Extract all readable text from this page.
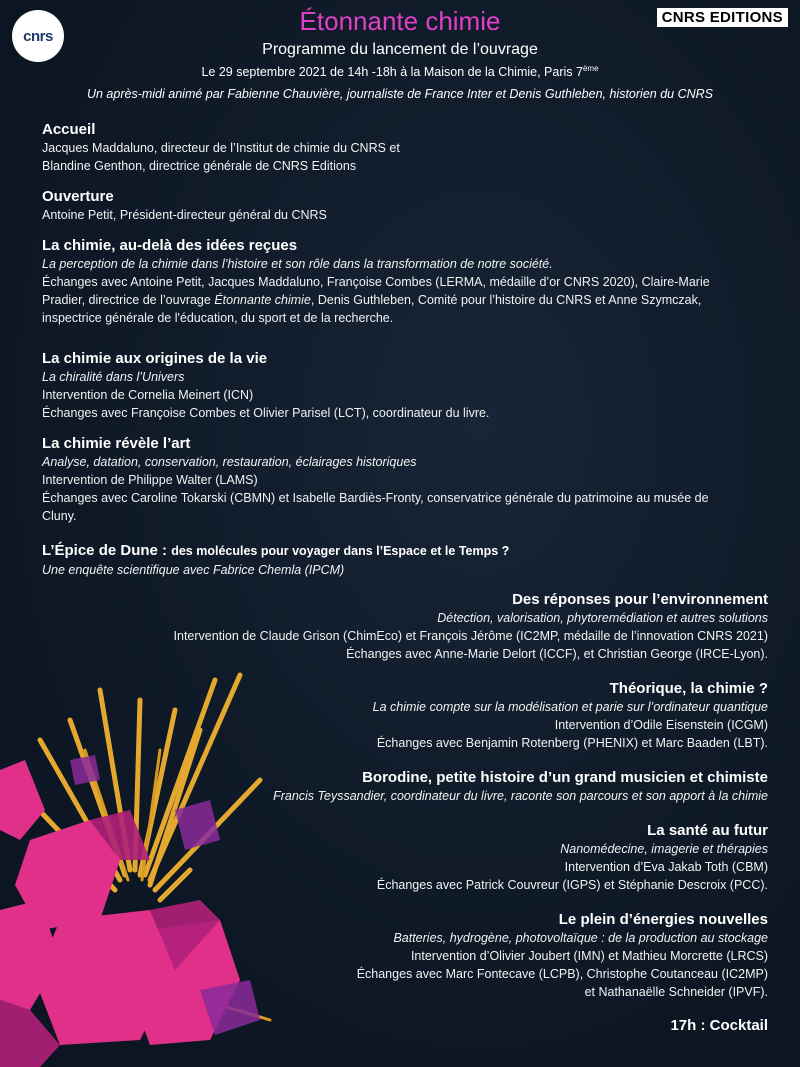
cnrs
CNRS EDITIONS
Étonnante chimie
Programme du lancement de l’ouvrage
Le 29 septembre 2021 de 14h -18h à la Maison de la Chimie, Paris 7ème
Un après-midi animé par Fabienne Chauvière, journaliste de France Inter et Denis Guthleben, historien du CNRS
Accueil
Jacques Maddaluno, directeur de l’Institut de chimie du CNRS et
Blandine Genthon, directrice générale de CNRS Editions
Ouverture
Antoine Petit, Président-directeur général du CNRS
La chimie, au-delà des idées reçues
La perception de la chimie dans l’histoire et son rôle dans la transformation de notre société.
Échanges avec Antoine Petit, Jacques Maddaluno, Françoise Combes (LERMA, médaille d’or CNRS 2020), Claire-Marie
Pradier, directrice de l’ouvrage Étonnante chimie, Denis Guthleben, Comité pour l’histoire du CNRS et Anne Szymczak,
inspectrice générale de l'éducation, du sport et de la recherche.
La chimie aux origines de la vie
La chiralité dans l’Univers
Intervention de Cornelia Meinert (ICN)
Échanges avec Françoise Combes et Olivier Parisel (LCT), coordinateur du livre.
La chimie révèle l’art
Analyse, datation, conservation, restauration, éclairages historiques
Intervention de Philippe Walter (LAMS)
Échanges avec Caroline Tokarski (CBMN) et Isabelle Bardiès-Fronty, conservatrice générale du patrimoine au musée de
Cluny.
L’Épice de Dune : des molécules pour voyager dans l’Espace et le Temps ?
Une enquête scientifique avec Fabrice Chemla (IPCM)
Des réponses pour l’environnement
Détection, valorisation, phytoremédiation et autres solutions
Intervention de Claude Grison (ChimEco) et François Jérôme (IC2MP, médaille de l’innovation CNRS 2021)
Échanges avec Anne-Marie Delort (ICCF), et Christian George (IRCE-Lyon).
Théorique, la chimie ?
La chimie compte sur la modélisation et parie sur l’ordinateur quantique
Intervention d’Odile Eisenstein (ICGM)
Échanges avec Benjamin Rotenberg (PHENIX) et Marc Baaden (LBT).
Borodine, petite histoire d’un grand musicien et chimiste
Francis Teyssandier, coordinateur du livre, raconte son parcours et son apport à la chimie
La santé au futur
Nanomédecine, imagerie et thérapies
Intervention d’Eva Jakab Toth (CBM)
Échanges avec Patrick Couvreur (IGPS) et Stéphanie Descroix (PCC).
Le plein d’énergies nouvelles
Batteries, hydrogène, photovoltaïque : de la production au stockage
Intervention d’Olivier Joubert (IMN) et Mathieu Morcrette (LRCS)
Échanges avec Marc Fontecave (LCPB), Christophe Coutanceau (IC2MP)
et Nathanaëlle Schneider (IPVF).
17h : Cocktail
